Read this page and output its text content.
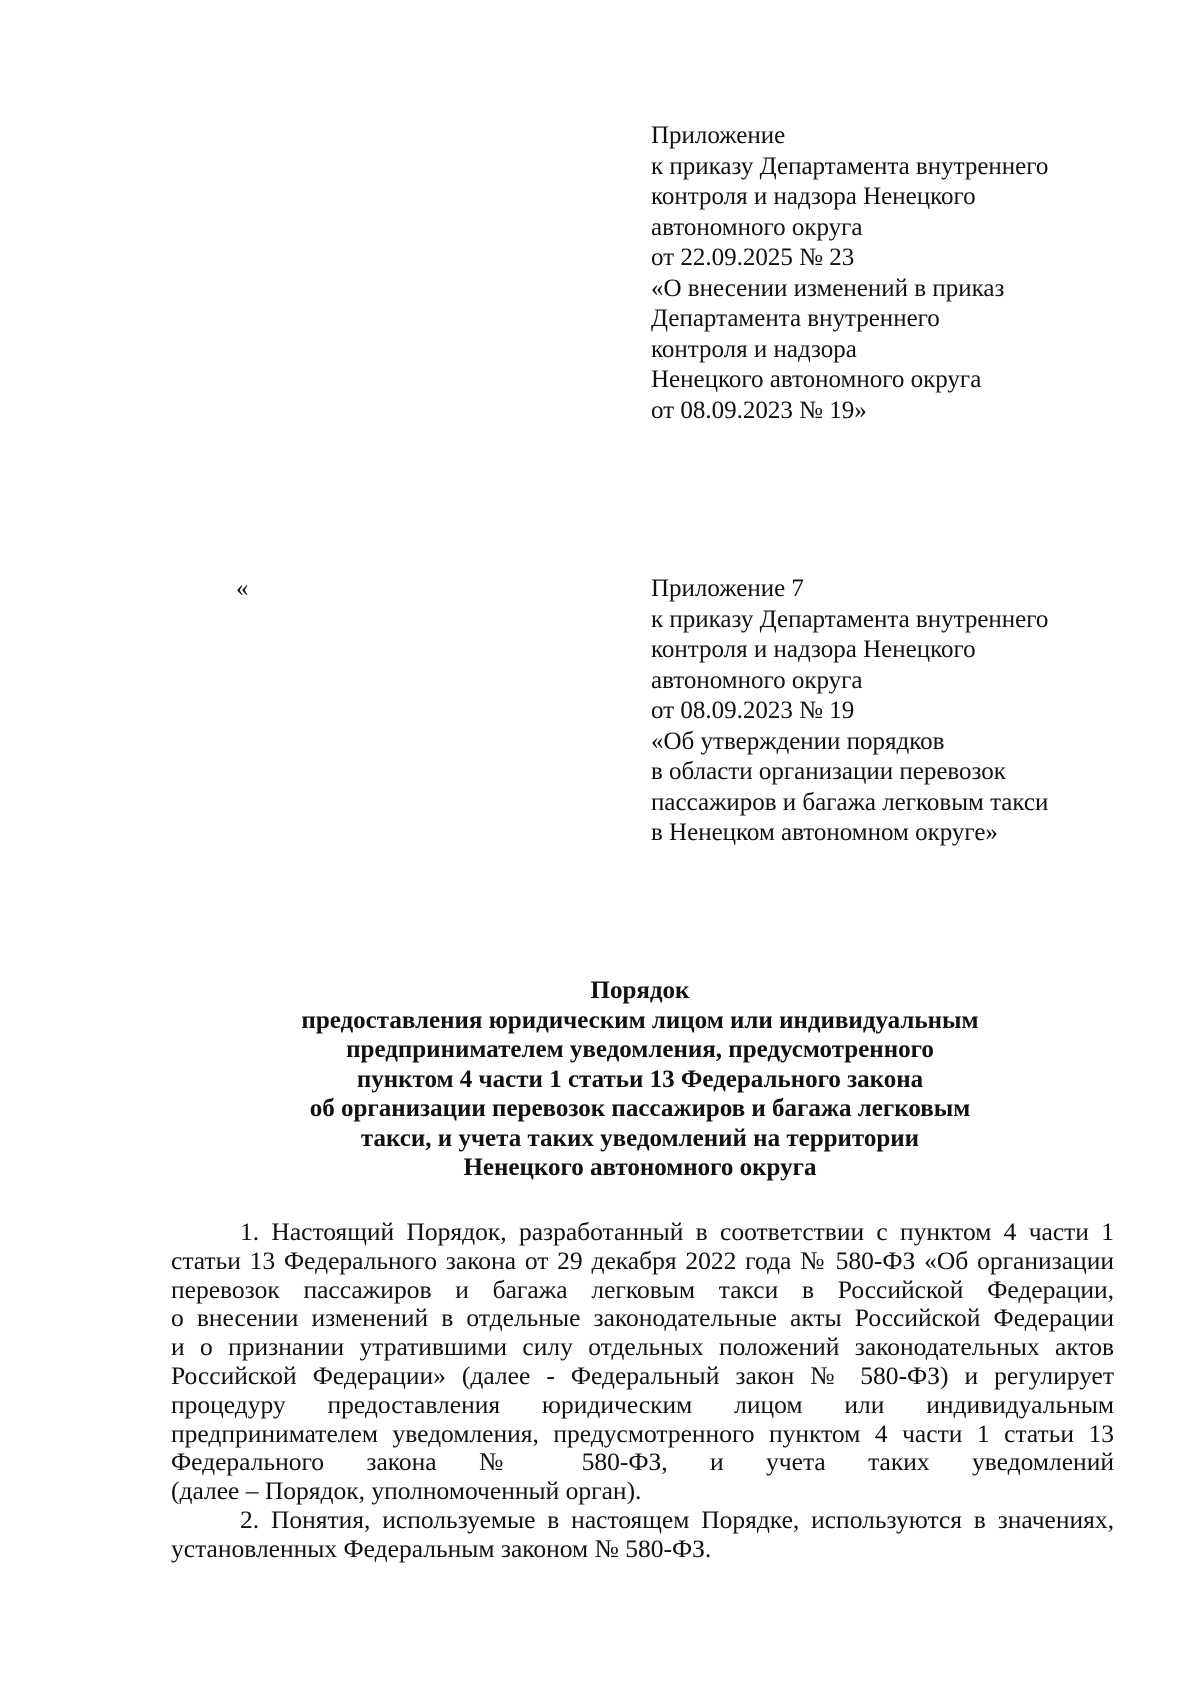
Приложение
к приказу Департамента внутреннего
контроля и надзора Ненецкого
автономного округа
от 22.09.2025 № 23
«О внесении изменений в приказ
Департамента внутреннего
контроля и надзора
Ненецкого автономного округа
от 08.09.2023 № 19»
«	Приложение 7
к приказу Департамента внутреннего
контроля и надзора Ненецкого
автономного округа
от 08.09.2023 № 19
«Об утверждении порядков
в области организации перевозок
пассажиров и багажа легковым такси
в Ненецком автономном округе»
Порядок
предоставления юридическим лицом или индивидуальным
предпринимателем уведомления, предусмотренного
пунктом 4 части 1 статьи 13 Федерального закона
об организации перевозок пассажиров и багажа легковым
такси, и учета таких уведомлений на территории
Ненецкого автономного округа
1. Настоящий Порядок, разработанный в соответствии с пунктом 4 части 1
статьи 13 Федерального закона от 29 декабря 2022 года № 580-ФЗ «Об организации
перевозок пассажиров и багажа легковым такси в Российской Федерации,
о внесении изменений в отдельные законодательные акты Российской Федерации
и о признании утратившими силу отдельных положений законодательных актов
Российской Федерации» (далее - Федеральный закон № 580-ФЗ) и регулирует
процедуру предоставления юридическим лицом или индивидуальным
предпринимателем уведомления, предусмотренного пунктом 4 части 1 статьи 13
Федерального закона № 580-ФЗ, и учета таких уведомлений
(далее – Порядок, уполномоченный орган).
2. Понятия, используемые в настоящем Порядке, используются в значениях,
установленных Федеральным законом № 580-ФЗ.
